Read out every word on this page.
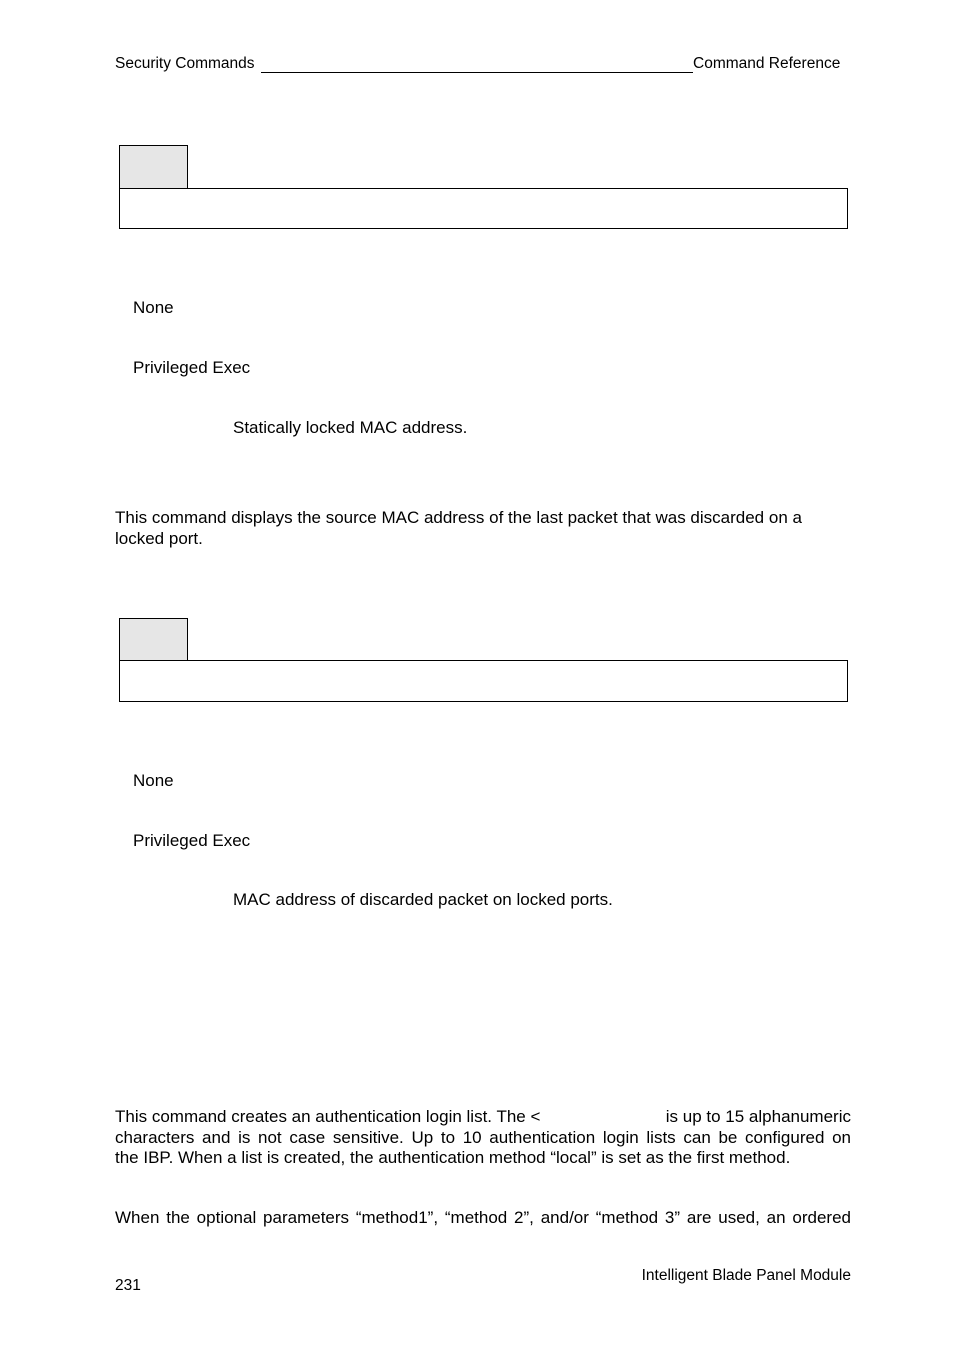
Security Commands	Command Reference
None
Privileged Exec
Statically locked MAC address.
This command displays the source MAC address of the last packet that was discarded on a
locked port.
None
Privileged Exec
MAC address of discarded packet on locked ports.
This command creates an authentication login list. The <	is up to 15 alphanumeric
characters and is not case sensitive. Up to 10 authentication login lists can be configured on
the IBP. When a list is created, the authentication method “local” is set as the first method.
When the optional parameters “method1”, “method 2”, and/or “method 3” are used, an ordered
231
Intelligent Blade Panel Module
